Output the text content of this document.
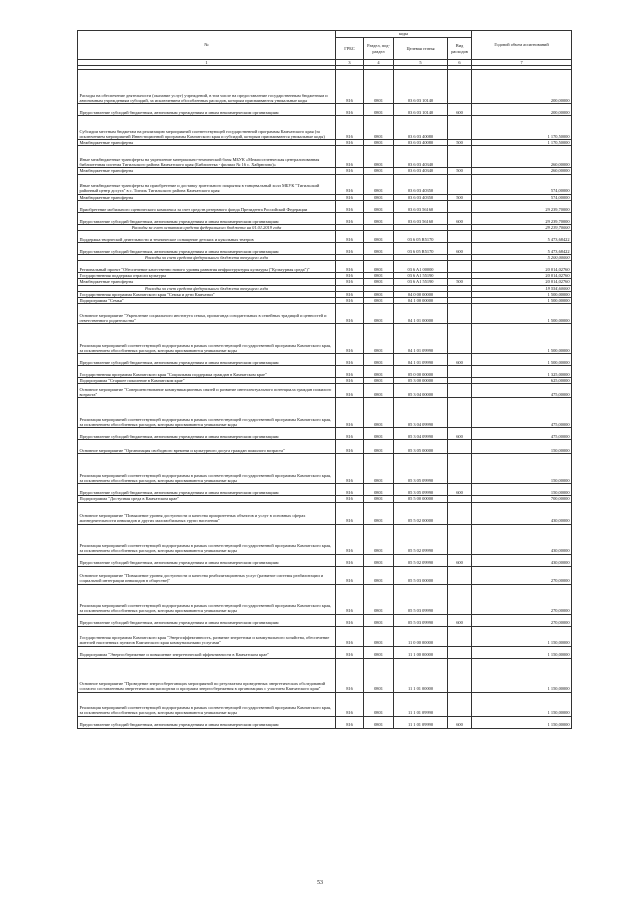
№	коды				Годовой объем ассигнований
	ГРБС	Раздел, под-раздел	Целевая статья	Вид расходов	
1	3	4	5	6	7

Расходы на обеспечение деятельности (оказание услуг) учреждений, в том числе на предоставление государственным бюджетным и автономным учреждениям субсидий, за исключением обособленных расходов, которым присваиваются уникальные коды	816	0801	03 6 03 10140		200,00000
Предоставление субсидий бюджетным, автономным учреждениям и иным некоммерческим организациям	816	0801	03 6 03 10140	600	200,00000
Субсидии местным бюджетам на реализацию мероприятий соответствующей государственной программы Камчатского края (за исключением мероприятий Инвестиционной программы Камчатского края и субсидий, которым присваиваются уникальные коды)	816	0801	03 6 03 40080		1 170,50000
Межбюджетные трансферты	816	0801	03 6 03 40080	500	1 170,50000
Иные межбюджетные трансферты на укрепление материально-технической базы МБУК «Межпоселенческая централизованная библиотечная система Тигильского района Камчатского края (Библиотека - филиал № 16 с. Хайрюзово)»	816	0801	03 6 03 40340		260,00000
Межбюджетные трансферты	816	0801	03 6 03 40340	500	260,00000
Иные межбюджетные трансферты на приобретение и доставку зрительного покрытия в танцевальный холл МБУК "Тигильский районный центр досуга" в с. Тигиль Тигильского района Камчатского края	816	0801	03 6 03 40350		574,00000
Межбюджетные трансферты	816	0801	03 6 03 40350	500	574,00000
Приобретение мобильного сценического комплекса за счет средств резервного фонда Президента Российской Федерации	816	0801	03 6 03 56160		29 239,70000
Предоставление субсидий бюджетным, автономным учреждениям и иным некоммерческим организациям	816	0801	03 6 03 56160	600	29 239,70000
Расходы за счет остатков средств федерального бюджета на 01.01.2019 года					29 239,70000
Поддержка творческой деятельности и техническое оснащение детских и кукольных театров	816	0801	03 6 05 R5170		5 473,68422
Предоставление субсидий бюджетным, автономным учреждениям и иным некоммерческим организациям	816	0801	03 6 05 R5170	600	5 473,68422
Расходы за счет средств федерального бюджета текущего года					5 200,00000
Региональный проект "Обеспечение качественно нового уровня развития инфраструктуры культуры ("Культурная среда")"	816	0801	03 6 A1 00000		20 014,02760
Государственная поддержка отрасли культуры	816	0801	03 6 A1 55190		20 014,02760
Межбюджетные трансферты	816	0801	03 6 A1 55190	500	20 014,02760
Расходы за счет средств федерального бюджета текущего года					19 554,60000
Государственная программа Камчатского края "Семья и дети Камчатки"	816	0801	04 0 00 00000		1 500,00000
Подпрограмма "Семья"	816	0801	04 1 00 00000		1 500,00000
Основное мероприятие "Укрепление социального института семьи, пропаганда созидательных в семейных традиций и ценностей и ответственного родительства"	816	0801	04 1 01 00000		1 500,00000
Реализация мероприятий соответствующей подпрограммы в рамках соответствующей государственной программы Камчатского края, за исключением обособленных расходов, которым присваиваются уникальные коды	816	0801	04 1 01 09990		1 500,00000
Предоставление субсидий бюджетным, автономным учреждениям и иным некоммерческим организациям	816	0801	04 1 01 09990	600	1 500,00000
Государственная программа Камчатского края "Социальная поддержка граждан в Камчатском крае"	816	0801	05 0 00 00000		1 325,00000
Подпрограмма "Старшее поколение в Камчатском крае"	816	0801	05 3 00 00000		625,00000
Основное мероприятие "Совершенствование коммуникационных связей и развитие интеллектуального потенциала граждан пожилого возраста"	816	0801	05 3 04 00000		475,00000
Реализация мероприятий соответствующей подпрограммы в рамках соответствующей государственной программы Камчатского края, за исключением обособленных расходов, которым присваиваются уникальные коды	816	0801	05 3 04 09990		475,00000
Предоставление субсидий бюджетным, автономным учреждениям и иным некоммерческим организациям	816	0801	05 3 04 09990	600	475,00000
Основное мероприятие "Организация свободного времени и культурного досуга граждан пожилого возраста"	816	0801	05 3 05 00000		150,00000
Реализация мероприятий соответствующей подпрограммы в рамках соответствующей государственной программы Камчатского края, за исключением обособленных расходов, которым присваиваются уникальные коды	816	0801	05 3 05 09990		150,00000
Предоставление субсидий бюджетным, автономным учреждениям и иным некоммерческим организациям	816	0801	05 3 05 09990	600	150,00000
Подпрограмма "Доступная среда в Камчатском крае"	816	0801	05 5 00 00000		700,00000
Основное мероприятие "Повышение уровня доступности и качества приоритетных объектов и услуг в основных сферах жизнедеятельности инвалидов и других маломобильных групп населения"	816	0801	05 5 02 00000		430,00000
Реализация мероприятий соответствующей подпрограммы в рамках соответствующей государственной программы Камчатского края, за исключением обособленных расходов, которым присваиваются уникальные коды	816	0801	05 5 02 09990		430,00000
Предоставление субсидий бюджетным, автономным учреждениям и иным некоммерческим организациям	816	0801	05 5 02 09990	600	430,00000
Основное мероприятие "Повышение уровня доступности и качества реабилитационных услуг (развитие системы реабилитации и социальной интеграции инвалидов в обществе)"	816	0801	05 5 03 00000		270,00000
Реализация мероприятий соответствующей подпрограммы в рамках соответствующей государственной программы Камчатского края, за исключением обособленных расходов, которым присваиваются уникальные коды	816	0801	05 5 03 09990		270,00000
Предоставление субсидий бюджетным, автономным учреждениям и иным некоммерческим организациям	816	0801	05 5 03 09990	600	270,00000
Государственная программа Камчатского края "Энергоэффективность, развитие энергетики и коммунального хозяйства, обеспечение жителей населенных пунктов Камчатского края коммунальными услугами"	816	0801	11 0 00 00000		1 150,00000
Подпрограмма "Энергосбережение и повышение энергетической эффективности в Камчатском крае"	816	0801	11 1 00 00000		1 150,00000
Основное мероприятие "Проведение энергосберегающих мероприятий по результатам проведенных энергетических обследований согласно составленным энергетическим паспортам и программ энергосбережения в организациях с участием Камчатского края"	816	0801	11 1 01 00000		1 150,00000
Реализация мероприятий соответствующей подпрограммы в рамках соответствующей государственной программы Камчатского края, за исключением обособленных расходов, которым присваиваются уникальные коды	816	0801	11 1 01 09990		1 150,00000
Предоставление субсидий бюджетным, автономным учреждениям и иным некоммерческим организациям	816	0801	11 1 01 09990	600	1 150,00000
53
